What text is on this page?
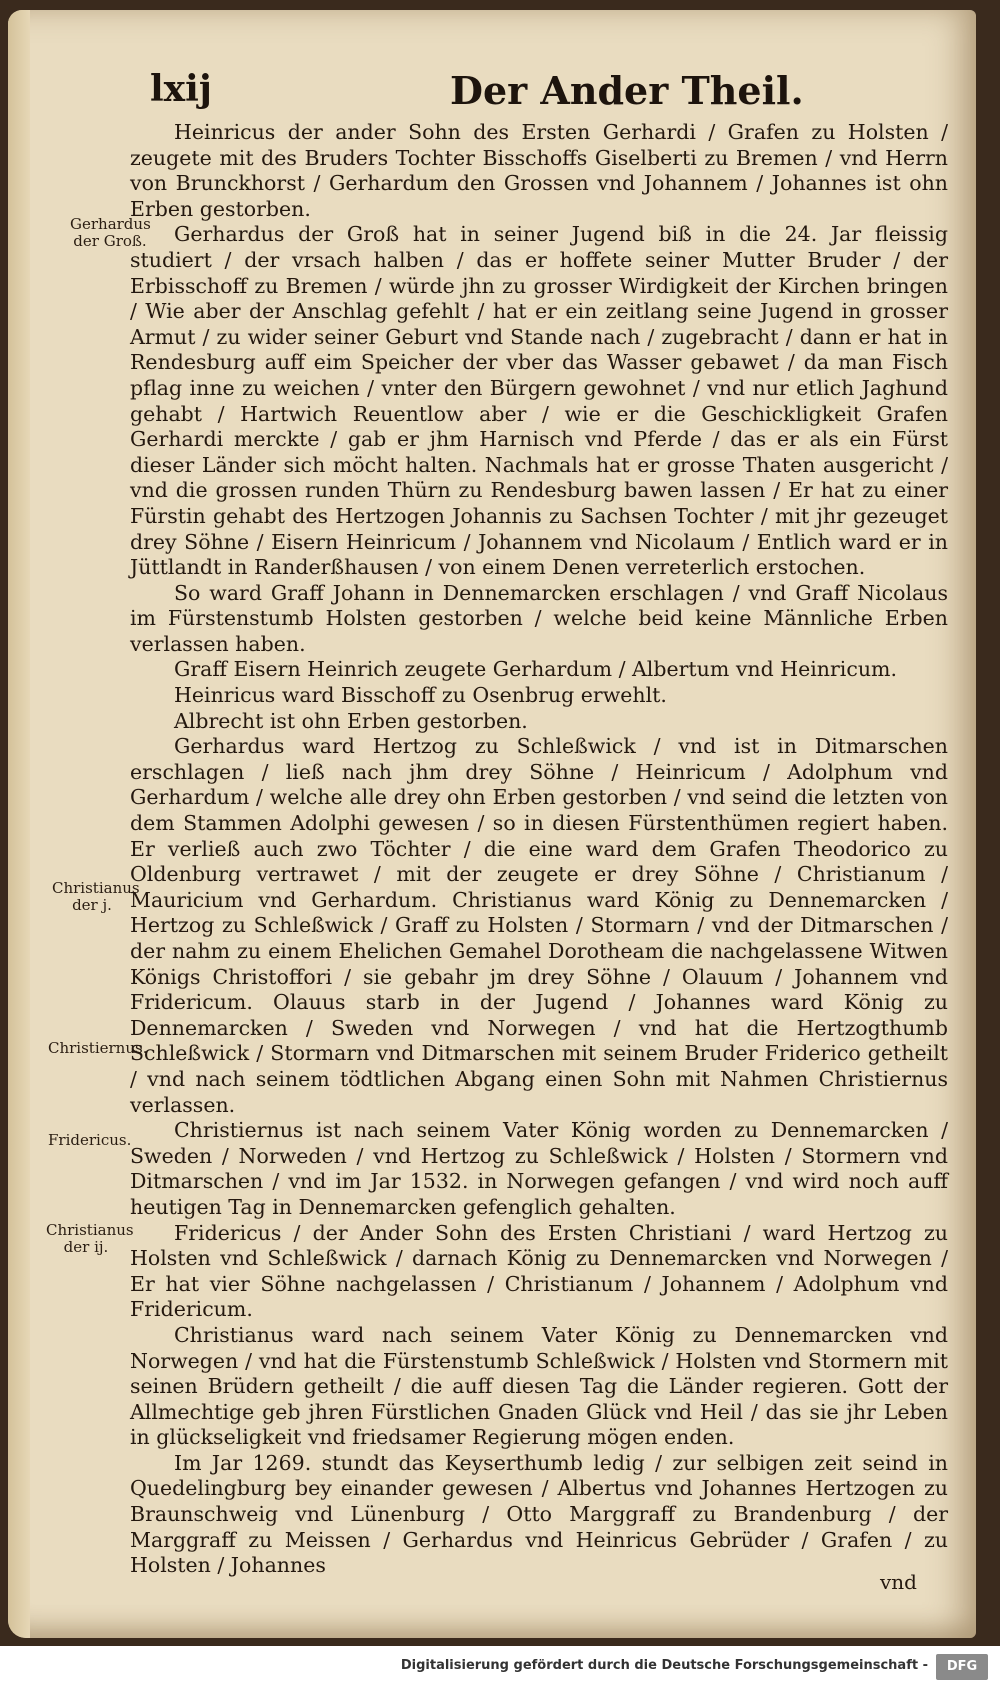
lxij	Der Ander Theil.
Gerhardus der Groß.
Christianus der j.
Christiernus.
Fridericus.
Christianus der ij.

Heinricus der ander Sohn des Ersten Gerhardi / Grafen zu Holsten / zeugete mit des Bruders Tochter Bisschoffs Giselberti zu Bremen / vnd Herrn von Brunckhorst / Gerhardum den Grossen vnd Johannem / Johannes ist ohn Erben gestorben.

Gerhardus der Groß hat in seiner Jugend biß in die 24. Jar fleissig studiert / der vrsach halben / das er hoffete seiner Mutter Bruder / der Erbisschoff zu Bremen / würde jhn zu grosser Wirdigkeit der Kirchen bringen / Wie aber der Anschlag gefehlt / hat er ein zeitlang seine Jugend in grosser Armut / zu wider seiner Geburt vnd Stande nach / zugebracht / dann er hat in Rendesburg auff eim Speicher der vber das Wasser gebawet / da man Fisch pflag inne zu weichen / vnter den Bürgern gewohnet / vnd nur etlich Jaghund gehabt / Hartwich Reuentlow aber / wie er die Geschickligkeit Grafen Gerhardi merckte / gab er jhm Harnisch vnd Pferde / das er als ein Fürst dieser Länder sich möcht halten. Nachmals hat er grosse Thaten ausgericht / vnd die grossen runden Thürn zu Rendesburg bawen lassen / Er hat zu einer Fürstin gehabt des Hertzogen Johannis zu Sachsen Tochter / mit jhr gezeuget drey Söhne / Eisern Heinricum / Johannem vnd Nicolaum / Entlich ward er in Jüttlandt in Randerßhausen / von einem Denen verreterlich erstochen.

So ward Graff Johann in Dennemarcken erschlagen / vnd Graff Nicolaus im Fürstenstumb Holsten gestorben / welche beid keine Männliche Erben verlassen haben.

Graff Eisern Heinrich zeugete Gerhardum / Albertum vnd Heinricum.

Heinricus ward Bisschoff zu Osenbrug erwehlt.

Albrecht ist ohn Erben gestorben.

Gerhardus ward Hertzog zu Schleßwick / vnd ist in Ditmarschen erschlagen / ließ nach jhm drey Söhne / Heinricum / Adolphum vnd Gerhardum / welche alle drey ohn Erben gestorben / vnd seind die letzten von dem Stammen Adolphi gewesen / so in diesen Fürstenthümen regiert haben. Er verließ auch zwo Töchter / die eine ward dem Grafen Theodorico zu Oldenburg vertrawet / mit der zeugete er drey Söhne / Christianum / Mauricium vnd Gerhardum. Christianus ward König zu Dennemarcken / Hertzog zu Schleßwick / Graff zu Holsten / Stormarn / vnd der Ditmarschen / der nahm zu einem Ehelichen Gemahel Dorotheam die nachgelassene Witwen Königs Christoffori / sie gebahr jm drey Söhne / Olauum / Johannem vnd Fridericum. Olauus starb in der Jugend / Johannes ward König zu Dennemarcken / Sweden vnd Norwegen / vnd hat die Hertzogthumb Schleßwick / Stormarn vnd Ditmarschen mit seinem Bruder Friderico getheilt / vnd nach seinem tödtlichen Abgang einen Sohn mit Nahmen Christiernus verlassen.

Christiernus ist nach seinem Vater König worden zu Dennemarcken / Sweden / Norweden / vnd Hertzog zu Schleßwick / Holsten / Stormern vnd Ditmarschen / vnd im Jar 1532. in Norwegen gefangen / vnd wird noch auff heutigen Tag in Dennemarcken gefenglich gehalten.

Fridericus / der Ander Sohn des Ersten Christiani / ward Hertzog zu Holsten vnd Schleßwick / darnach König zu Dennemarcken vnd Norwegen / Er hat vier Söhne nachgelassen / Christianum / Johannem / Adolphum vnd Fridericum.

Christianus ward nach seinem Vater König zu Dennemarcken vnd Norwegen / vnd hat die Fürstenstumb Schleßwick / Holsten vnd Stormern mit seinen Brüdern getheilt / die auff diesen Tag die Länder regieren. Gott der Allmechtige geb jhren Fürstlichen Gnaden Glück vnd Heil / das sie jhr Leben in glückseligkeit vnd friedsamer Regierung mögen enden.

Im Jar 1269. stundt das Keyserthumb ledig / zur selbigen zeit seind in Quedelingburg bey einander gewesen / Albertus vnd Johannes Hertzogen zu Braunschweig vnd Lünenburg / Otto Marggraff zu Brandenburg / der Marggraff zu Meissen / Gerhardus vnd Heinricus Gebrüder / Grafen / zu Holsten / Johannes

vnd
Digitalisierung gefördert durch die Deutsche Forschungsgemeinschaft -	DFG
